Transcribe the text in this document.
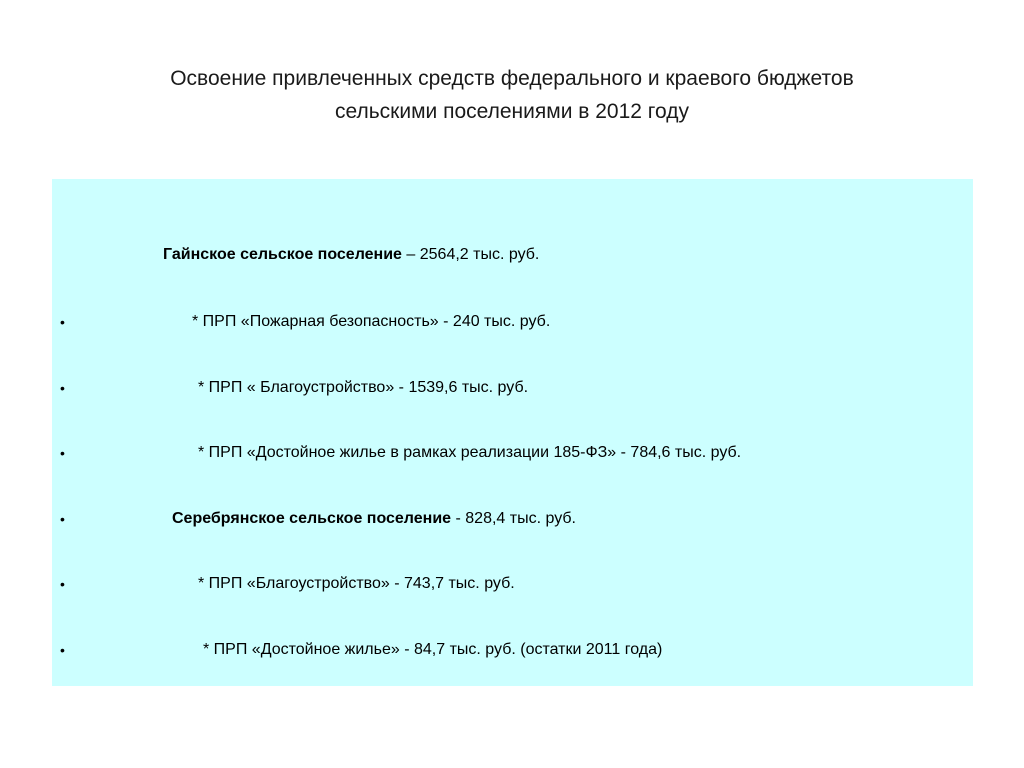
Освоение привлеченных средств федерального и краевого бюджетов
сельскими поселениями в 2012 году
Гайнское сельское поселение – 2564,2 тыс. руб.
•	* ПРП «Пожарная безопасность» - 240 тыс. руб.
•	* ПРП « Благоустройство» - 1539,6 тыс. руб.
•	* ПРП «Достойное жилье в рамках реализации 185-ФЗ» - 784,6 тыс. руб.
•	Серебрянское сельское поселение - 828,4 тыс. руб.
•	* ПРП «Благоустройство» - 743,7 тыс. руб.
•	* ПРП «Достойное жилье» - 84,7 тыс. руб. (остатки 2011 года)
